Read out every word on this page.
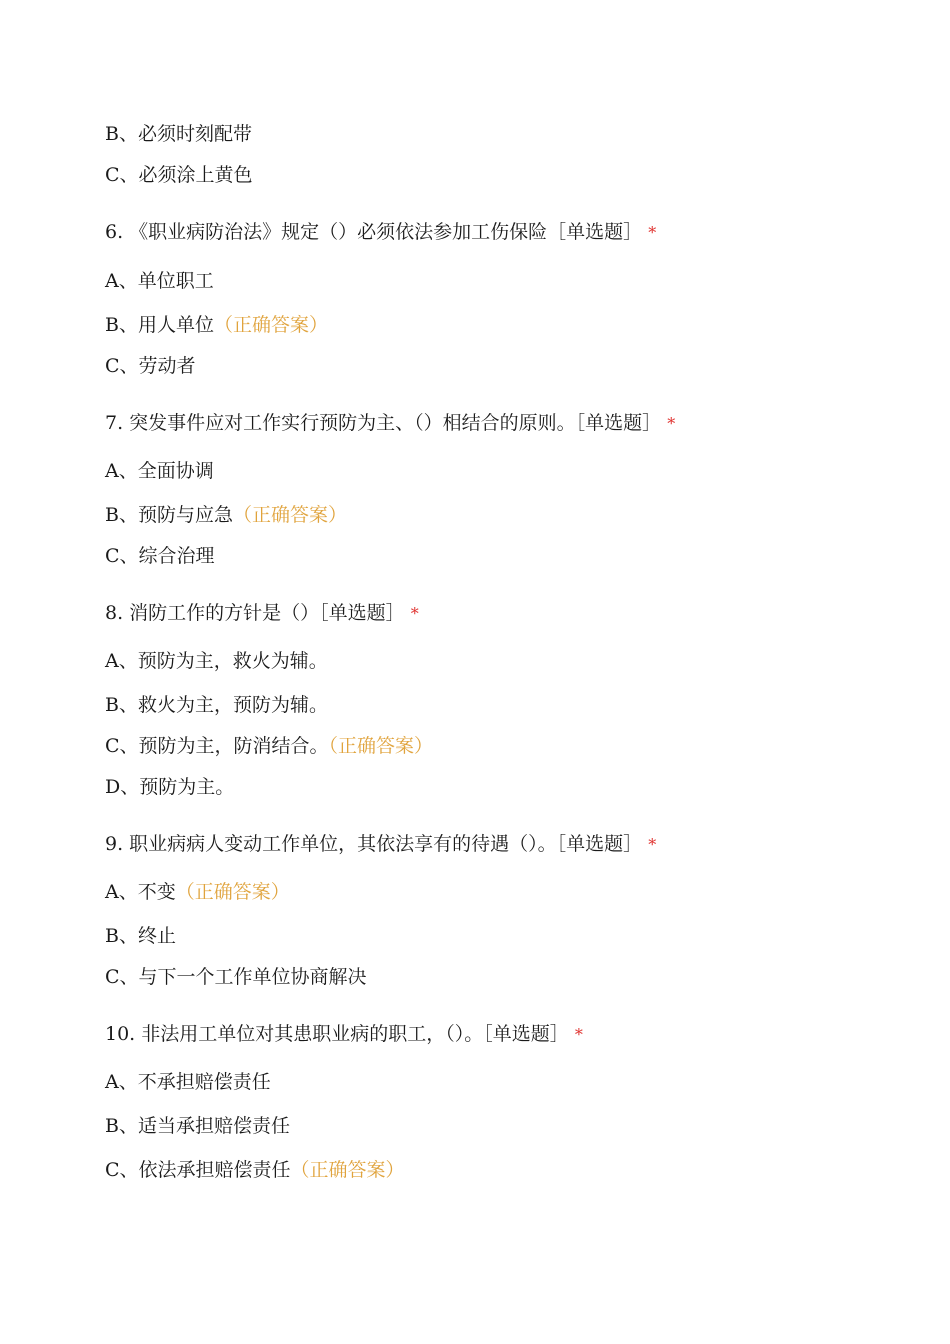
B、必须时刻配带
C、必须涂上黄色
6. 《职业病防治法》规定（）必须依法参加工伤保险［单选题］ *
A、单位职工
B、用人单位（正确答案）
C、劳动者
7. 突发事件应对工作实行预防为主、（）相结合的原则。［单选题］ *
A、全面协调
B、预防与应急（正确答案）
C、综合治理
8. 消防工作的方针是（）［单选题］ *
A、预防为主，救火为辅。
B、救火为主，预防为辅。
C、预防为主，防消结合。（正确答案）
D、预防为主。
9. 职业病病人变动工作单位，其依法享有的待遇（）。［单选题］ *
A、不变（正确答案）
B、终止
C、与下一个工作单位协商解决
10. 非法用工单位对其患职业病的职工，（）。［单选题］ *
A、不承担赔偿责任
B、适当承担赔偿责任
C、依法承担赔偿责任（正确答案）
